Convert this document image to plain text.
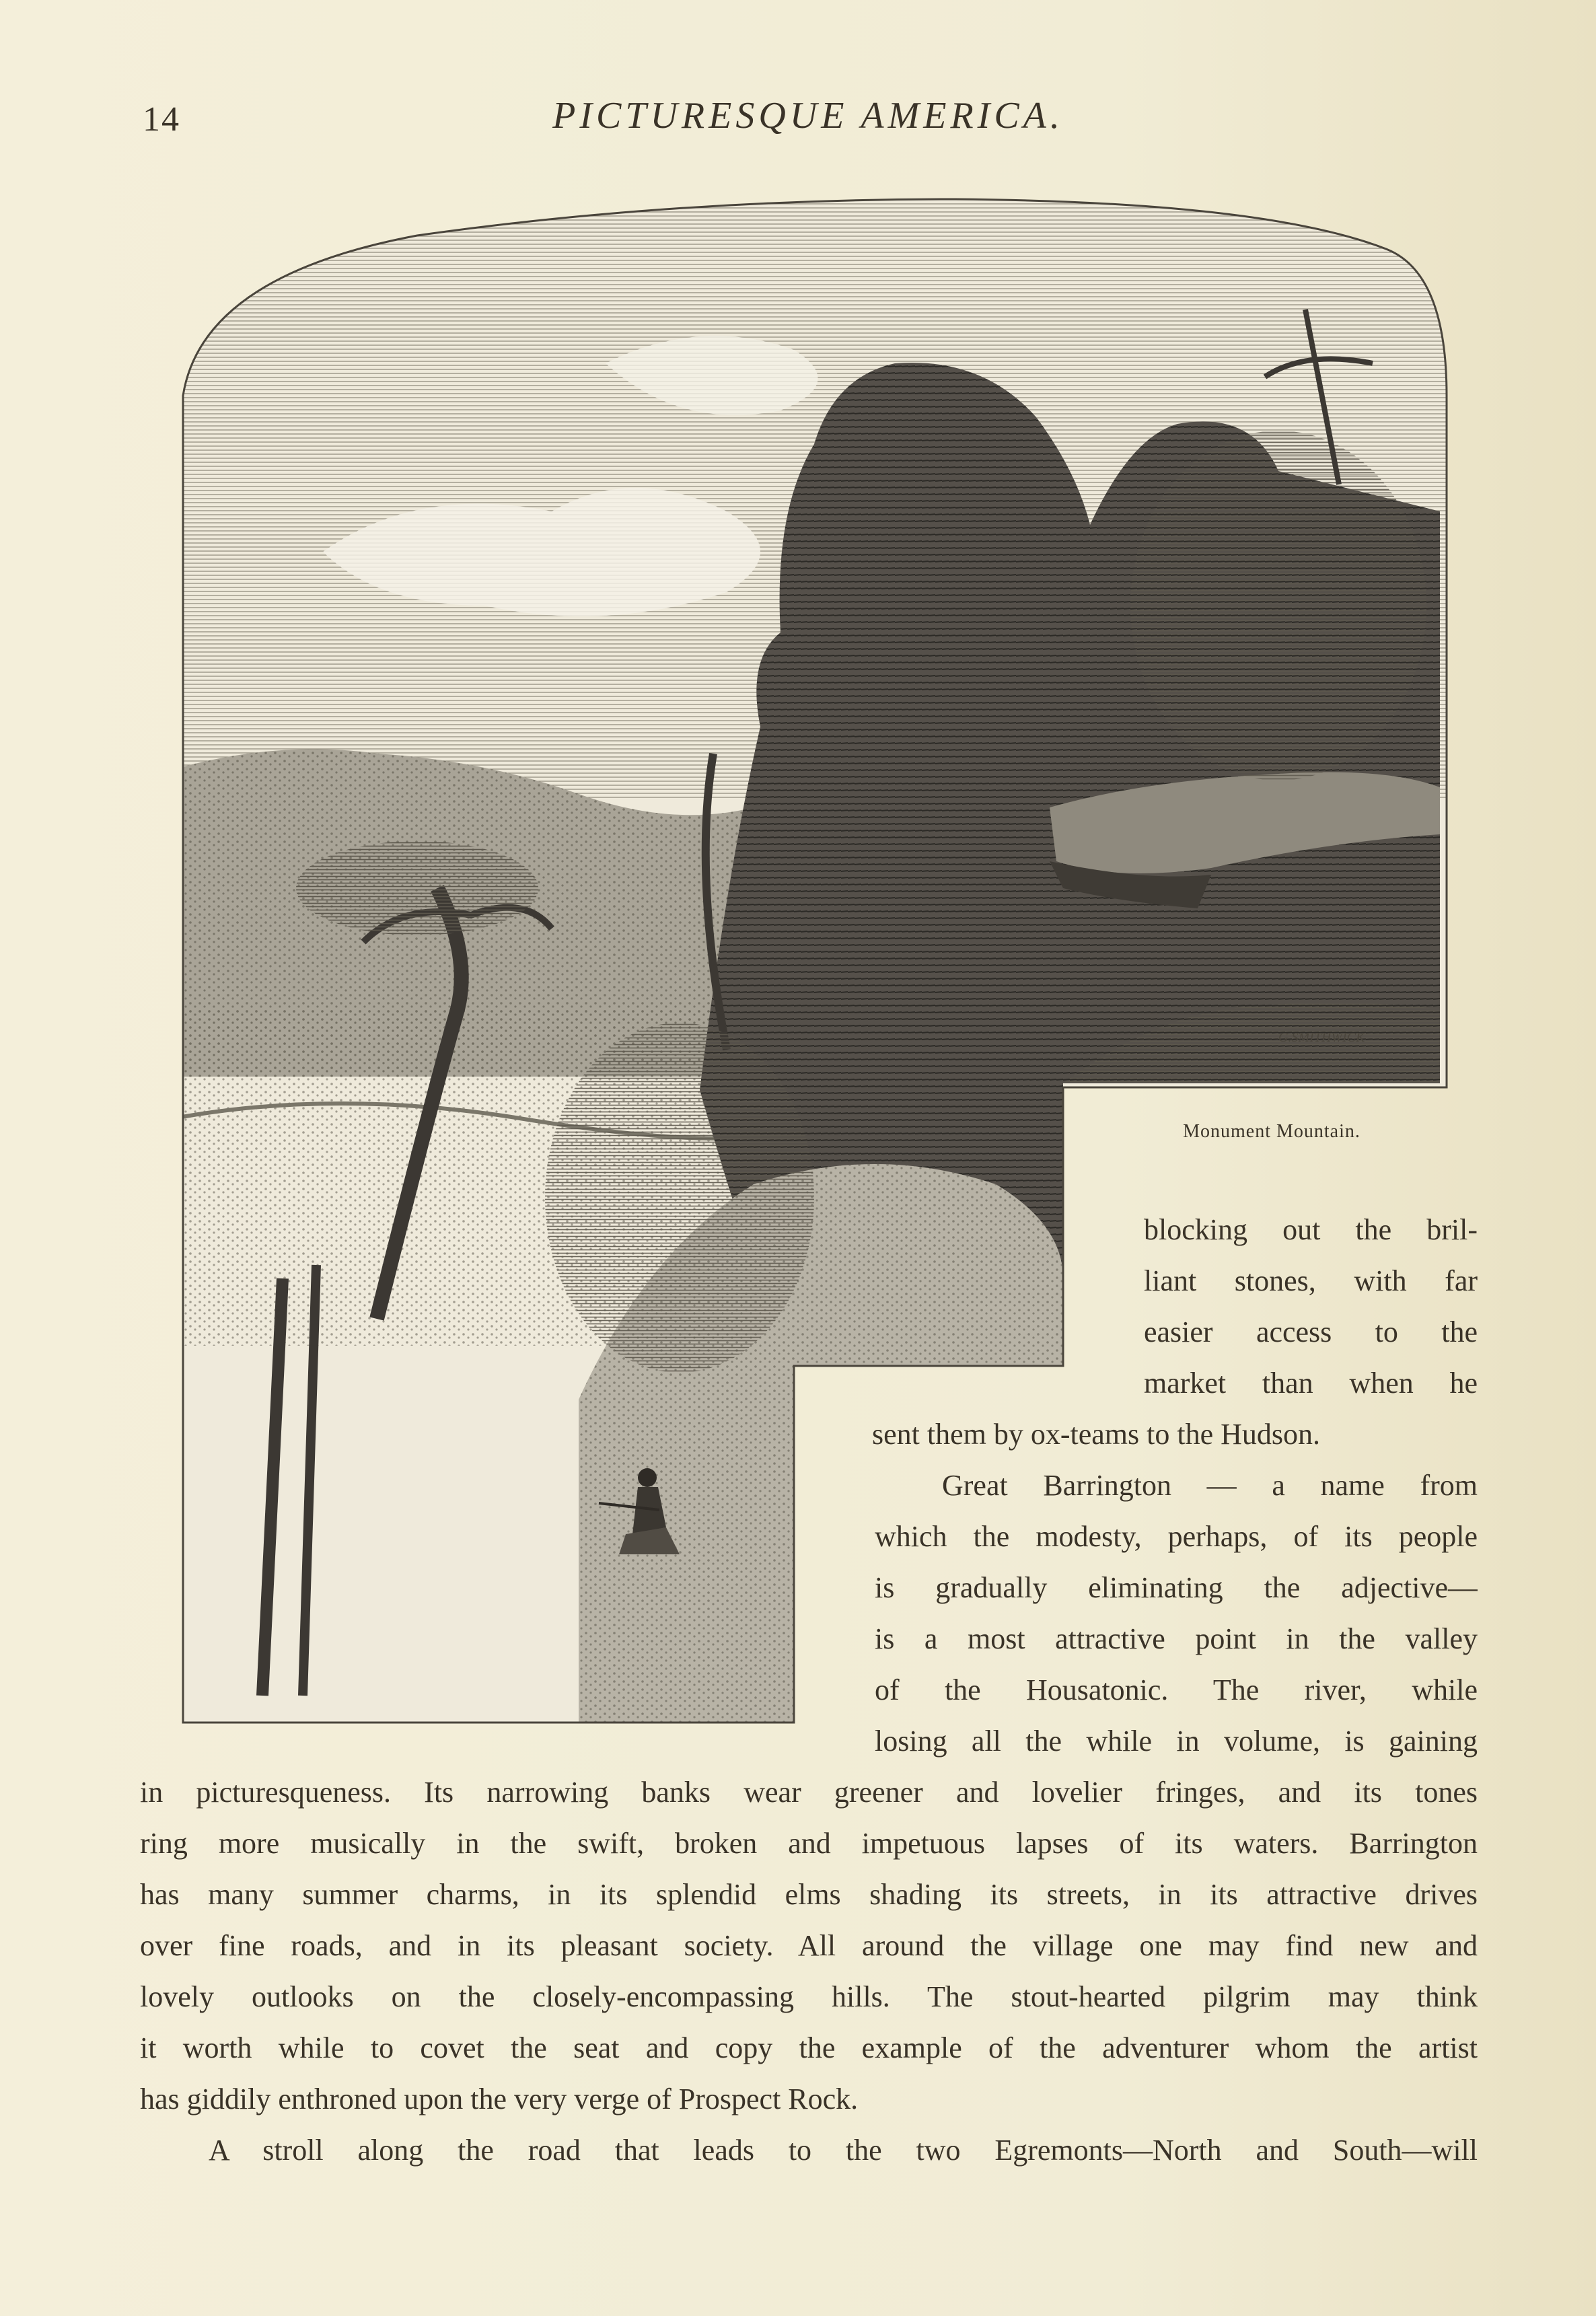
14	PICTURESQUE AMERICA.
G.SMITHWICK
Monument Mountain.
blocking out the bril-
liant stones, with far
easier access to the
market than when he
sent them by ox-teams to the Hudson.
Great Barrington — a name from
which the modesty, perhaps, of its people
is gradually eliminating the adjective—
is a most attractive point in the valley
of the Housatonic. The river, while
losing all the while in volume, is gaining
in picturesqueness. Its narrowing banks wear greener and lovelier fringes, and its tones
ring more musically in the swift, broken and impetuous lapses of its waters. Barrington
has many summer charms, in its splendid elms shading its streets, in its attractive drives
over fine roads, and in its pleasant society. All around the village one may find new and
lovely outlooks on the closely-encompassing hills. The stout-hearted pilgrim may think
it worth while to covet the seat and copy the example of the adventurer whom the artist
has giddily enthroned upon the very verge of Prospect Rock.
A stroll along the road that leads to the two Egremonts—North and South—will
